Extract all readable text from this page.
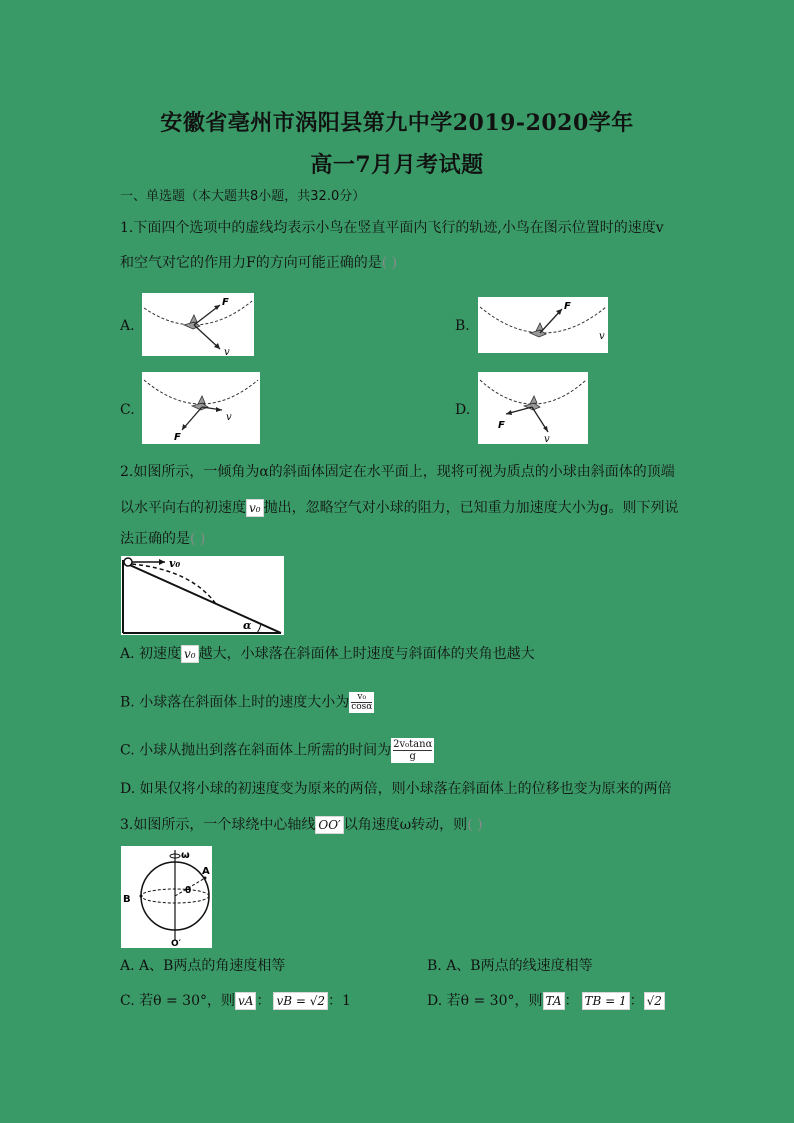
安徽省亳州市涡阳县第九中学2019-2020学年
高一7月月考试题
一、单选题（本大题共8小题，共32.0分）
1.下面四个选项中的虚线均表示小鸟在竖直平面内飞行的轨迹,小鸟在图示位置时的速度v
和空气对它的作用力F的方向可能正确的是( )
A.
F
v
B.
F
v
C.	v
F
D.
F
v
2.如图所示，一倾角为α的斜面体固定在水平面上，现将可视为质点的小球由斜面体的顶端
以水平向右的初速度 v₀ 抛出，忽略空气对小球的阻力，已知重力加速度大小为g。则下列说
法正确的是( )
v₀
α
A. 初速度 v₀ 越大，小球落在斜面体上时速度与斜面体的夹角也越大
B. 小球落在斜面体上时的速度大小为 $\frac{\text{v₀}}{\cos\alpha}$
C. 小球从抛出到落在斜面体上所需的时间为 $\frac{\text{2v₀tanα}}{g}$
D. 如果仅将小球的初速度变为原来的两倍，则小球落在斜面体上的位移也变为原来的两倍
3.如图所示，一个球绕中心轴线 OO′ 以角速度ω转动，则( )
ω
A
B
θ
O′
A. A、B两点的角速度相等	B. A、B两点的线速度相等
C. 若θ = 30°，则 vA ： vB = √2 ：1	D. 若θ = 30°，则 TA ： TB = 1 ： √2
